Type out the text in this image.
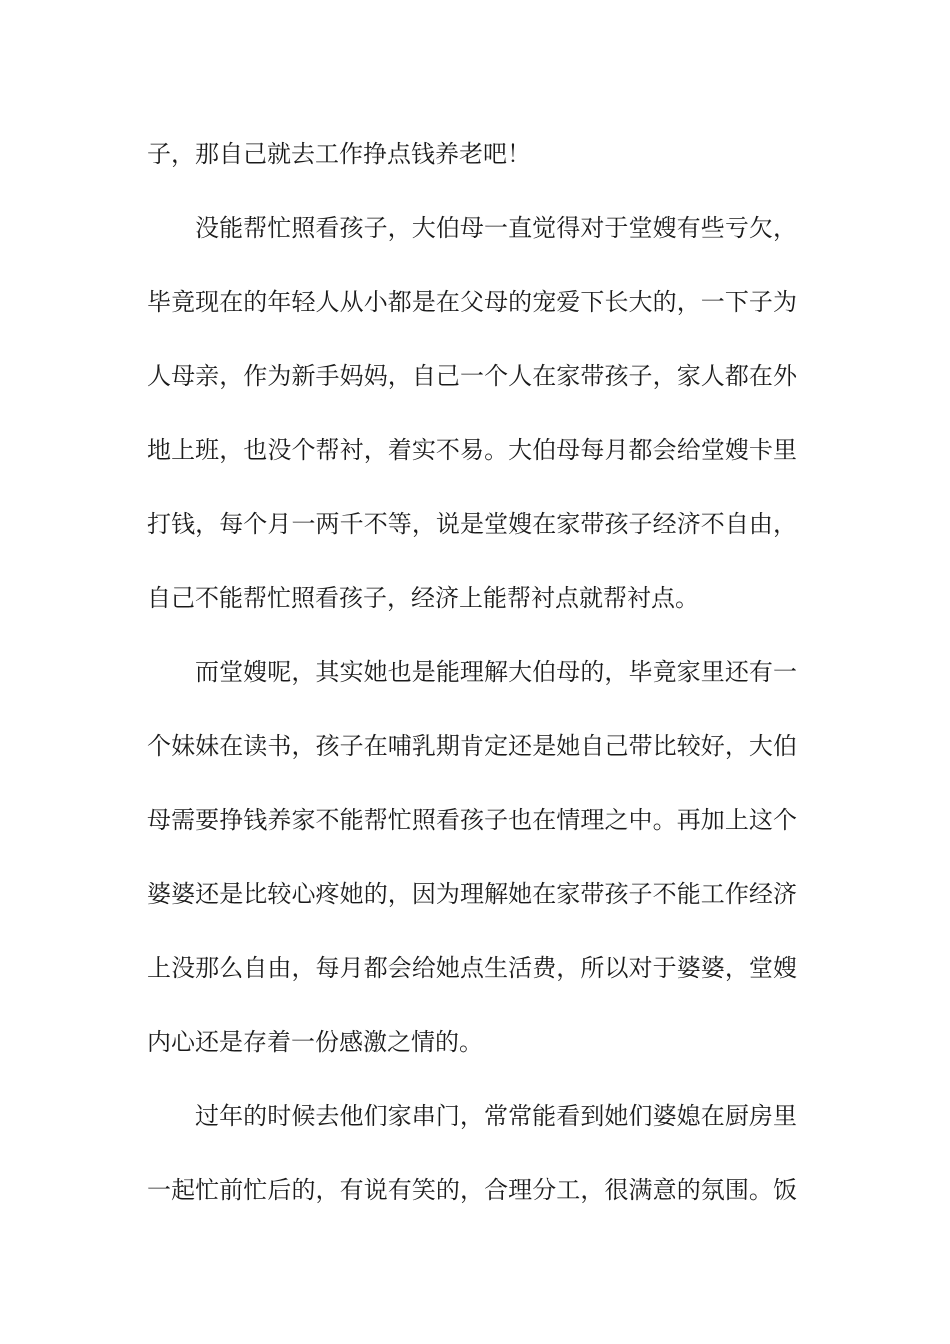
子，那自己就去工作挣点钱养老吧！
没能帮忙照看孩子，大伯母一直觉得对于堂嫂有些亏欠，
毕竟现在的年轻人从小都是在父母的宠爱下长大的，一下子为
人母亲，作为新手妈妈，自己一个人在家带孩子，家人都在外
地上班，也没个帮衬，着实不易。大伯母每月都会给堂嫂卡里
打钱，每个月一两千不等，说是堂嫂在家带孩子经济不自由，
自己不能帮忙照看孩子，经济上能帮衬点就帮衬点。
而堂嫂呢，其实她也是能理解大伯母的，毕竟家里还有一
个妹妹在读书，孩子在哺乳期肯定还是她自己带比较好，大伯
母需要挣钱养家不能帮忙照看孩子也在情理之中。再加上这个
婆婆还是比较心疼她的，因为理解她在家带孩子不能工作经济
上没那么自由，每月都会给她点生活费，所以对于婆婆，堂嫂
内心还是存着一份感激之情的。
过年的时候去他们家串门，常常能看到她们婆媳在厨房里
一起忙前忙后的，有说有笑的，合理分工，很满意的氛围。饭
